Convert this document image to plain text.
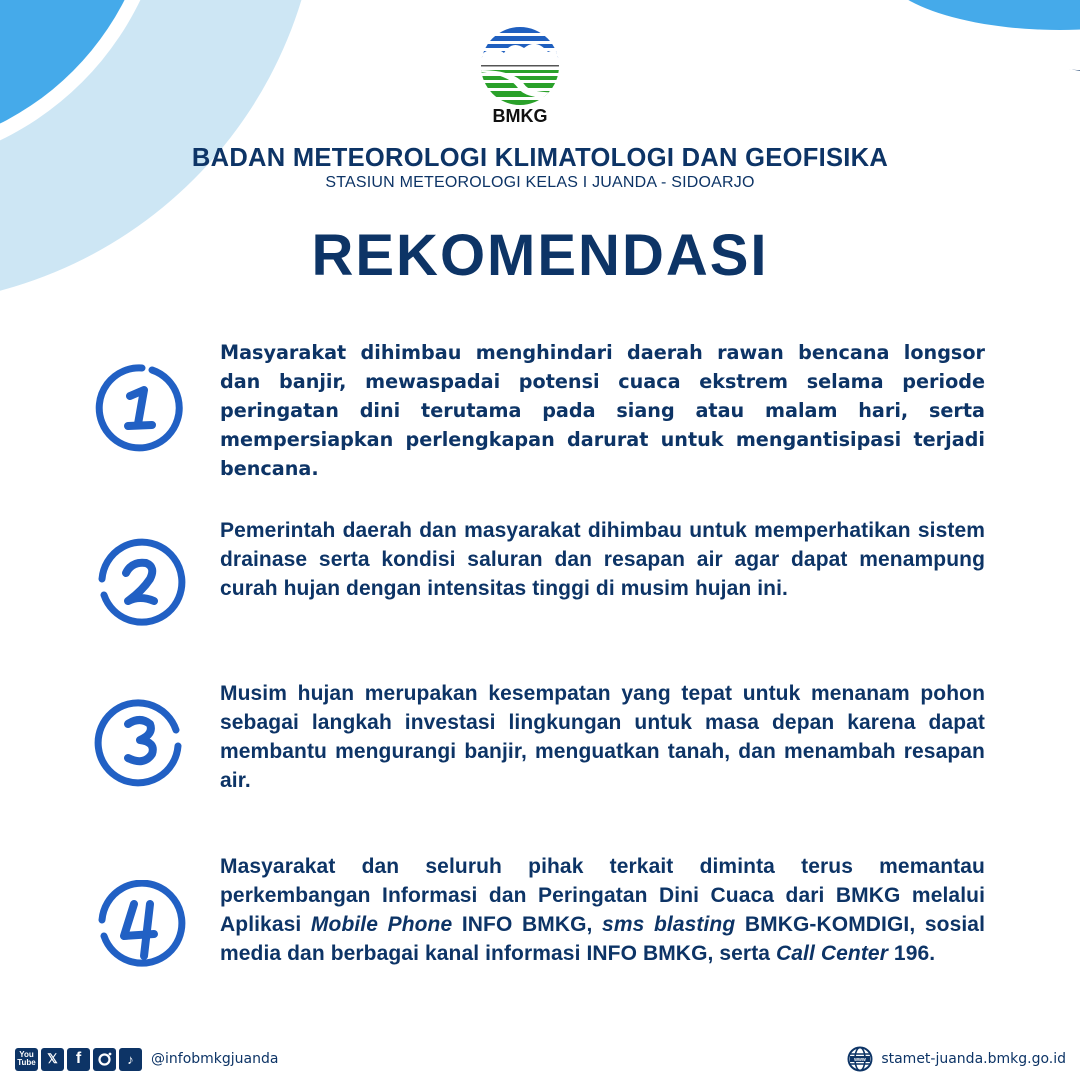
BMKG
BADAN METEOROLOGI KLIMATOLOGI DAN GEOFISIKA
STASIUN METEOROLOGI KELAS I JUANDA - SIDOARJO
REKOMENDASI
Masyarakat dihimbau menghindari daerah rawan bencana longsor dan banjir, mewaspadai potensi cuaca ekstrem selama periode peringatan dini terutama pada siang atau malam hari, serta mempersiapkan perlengkapan darurat untuk mengantisipasi terjadi bencana.
Pemerintah daerah dan masyarakat dihimbau untuk memperhatikan sistem drainase serta kondisi saluran dan resapan air agar dapat menampung curah hujan dengan intensitas tinggi di musim hujan ini.
Musim hujan merupakan kesempatan yang tepat untuk menanam pohon sebagai langkah investasi lingkungan untuk masa depan karena dapat membantu mengurangi banjir, menguatkan tanah, dan menambah resapan air.
Masyarakat dan seluruh pihak terkait diminta terus memantau perkembangan Informasi dan Peringatan Dini Cuaca dari BMKG melalui Aplikasi Mobile Phone INFO BMKG, sms blasting BMKG-KOMDIGI, sosial media dan berbagai kanal informasi INFO BMKG, serta Call Center 196.
You
Tube 𝕏 f	♪ @infobmkgjuanda	www stamet-juanda.bmkg.go.id
